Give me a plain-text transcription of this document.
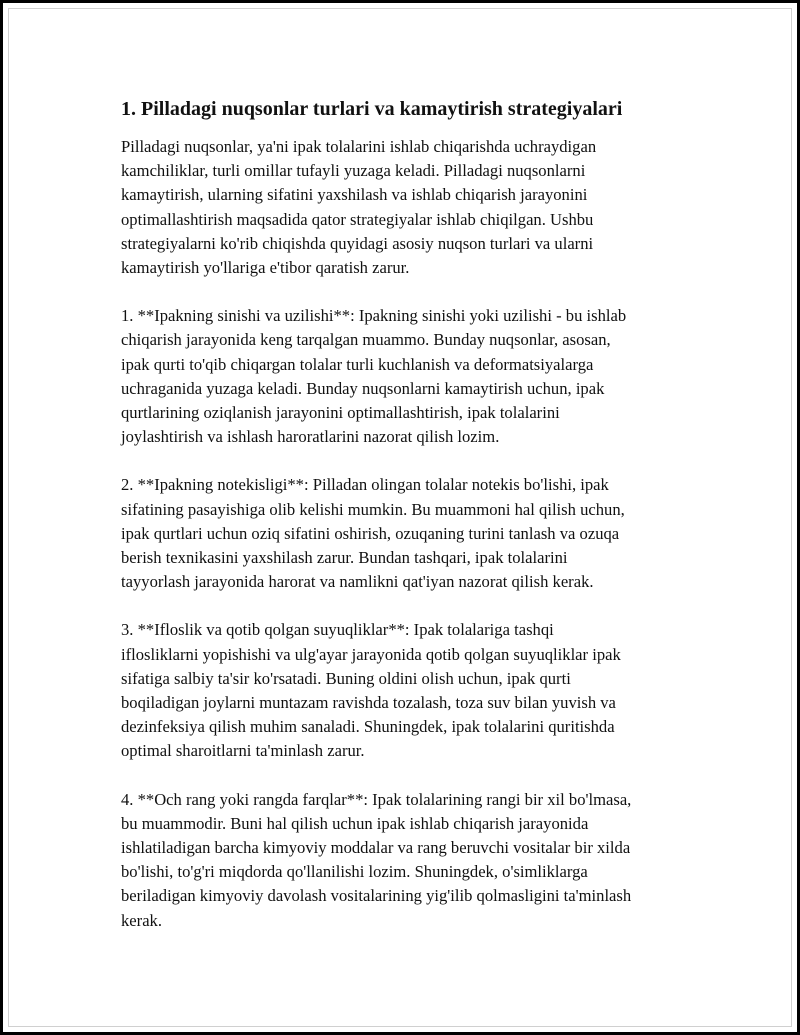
1. Pilladagi nuqsonlar turlari va kamaytirish strategiyalari

Pilladagi nuqsonlar, ya'ni ipak tolalarini ishlab chiqarishda uchraydigan
kamchiliklar, turli omillar tufayli yuzaga keladi. Pilladagi nuqsonlarni
kamaytirish, ularning sifatini yaxshilash va ishlab chiqarish jarayonini
optimallashtirish maqsadida qator strategiyalar ishlab chiqilgan. Ushbu
strategiyalarni ko'rib chiqishda quyidagi asosiy nuqson turlari va ularni
kamaytirish yo'llariga e'tibor qaratish zarur.

1. **Ipakning sinishi va uzilishi**: Ipakning sinishi yoki uzilishi - bu ishlab
chiqarish jarayonida keng tarqalgan muammo. Bunday nuqsonlar, asosan,
ipak qurti to'qib chiqargan tolalar turli kuchlanish va deformatsiyalarga
uchraganida yuzaga keladi. Bunday nuqsonlarni kamaytirish uchun, ipak
qurtlarining oziqlanish jarayonini optimallashtirish, ipak tolalarini
joylashtirish va ishlash haroratlarini nazorat qilish lozim.

2. **Ipakning notekisligi**: Pilladan olingan tolalar notekis bo'lishi, ipak
sifatining pasayishiga olib kelishi mumkin. Bu muammoni hal qilish uchun,
ipak qurtlari uchun oziq sifatini oshirish, ozuqaning turini tanlash va ozuqa
berish texnikasini yaxshilash zarur. Bundan tashqari, ipak tolalarini
tayyorlash jarayonida harorat va namlikni qat'iyan nazorat qilish kerak.

3. **Ifloslik va qotib qolgan suyuqliklar**: Ipak tolalariga tashqi
iflosliklarni yopishishi va ulg'ayar jarayonida qotib qolgan suyuqliklar ipak
sifatiga salbiy ta'sir ko'rsatadi. Buning oldini olish uchun, ipak qurti
boqiladigan joylarni muntazam ravishda tozalash, toza suv bilan yuvish va
dezinfeksiya qilish muhim sanaladi. Shuningdek, ipak tolalarini quritishda
optimal sharoitlarni ta'minlash zarur.

4. **Och rang yoki rangda farqlar**: Ipak tolalarining rangi bir xil bo'lmasa,
bu muammodir. Buni hal qilish uchun ipak ishlab chiqarish jarayonida
ishlatiladigan barcha kimyoviy moddalar va rang beruvchi vositalar bir xilda
bo'lishi, to'g'ri miqdorda qo'llanilishi lozim. Shuningdek, o'simliklarga
beriladigan kimyoviy davolash vositalarining yig'ilib qolmasligini ta'minlash
kerak.
